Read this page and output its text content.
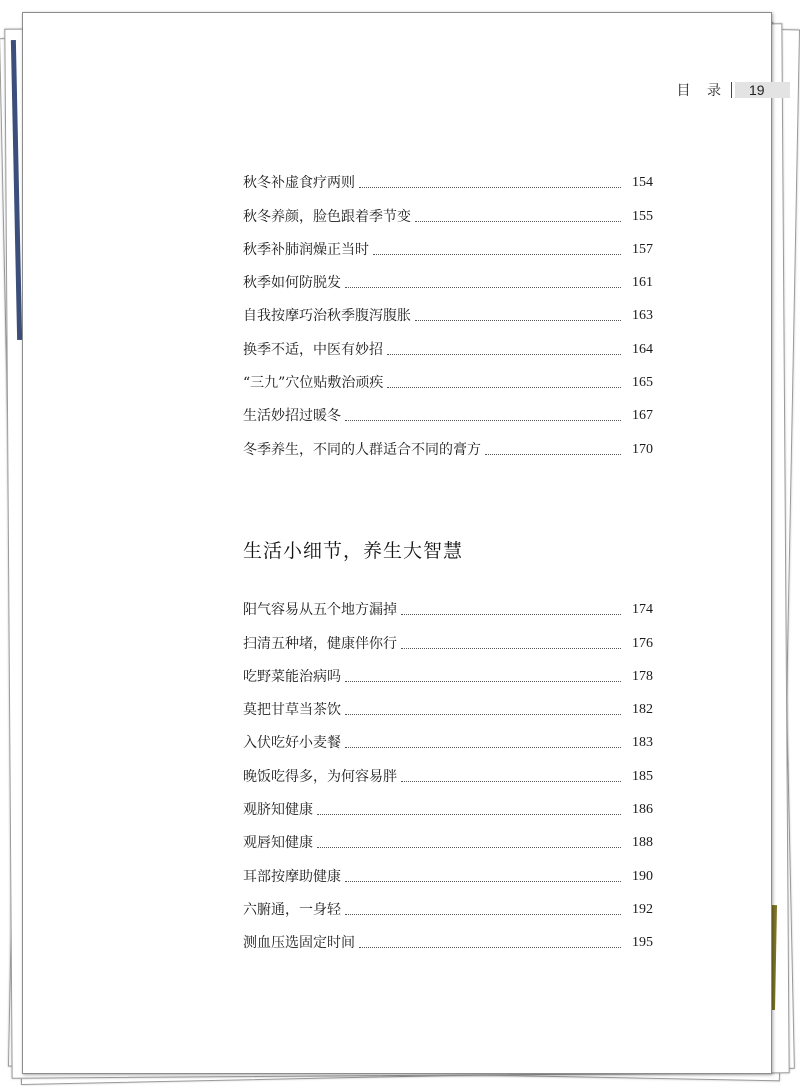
目 录	19
秋冬补虚食疗两则	154
秋冬养颜，脸色跟着季节变	155
秋季补肺润燥正当时	157
秋季如何防脱发	161
自我按摩巧治秋季腹泻腹胀	163
换季不适，中医有妙招	164
“三九”穴位贴敷治顽疾	165
生活妙招过暖冬	167
冬季养生，不同的人群适合不同的膏方	170
生活小细节，养生大智慧
阳气容易从五个地方漏掉	174
扫清五种堵，健康伴你行	176
吃野菜能治病吗	178
莫把甘草当茶饮	182
入伏吃好小麦餐	183
晚饭吃得多，为何容易胖	185
观脐知健康	186
观唇知健康	188
耳部按摩助健康	190
六腑通，一身轻	192
测血压选固定时间	195
